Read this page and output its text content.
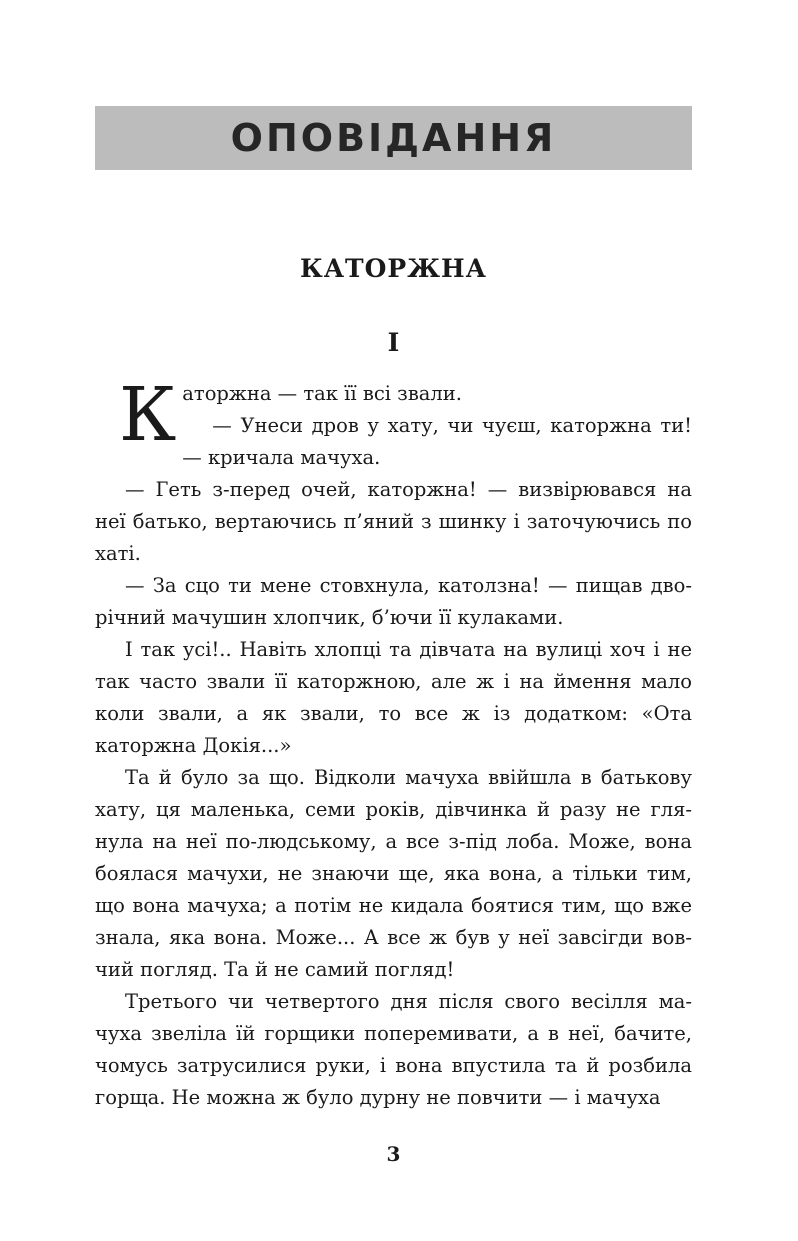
ОПОВІДАННЯ
КАТОРЖНА
І

Каторжна — так її всі звали.

— Унеси дров у хату, чи чуєш, каторжна ти! — кричала мачуха.

— Геть з-перед очей, каторжна! — визвірювався на неї батько, вертаючись п’яний з шинку і заточуючись по хаті.

— За сцо ти мене стовхнула, католзна! — пищав дворічний мачушин хлопчик, б’ючи її кулаками.

І так усі!.. Навіть хлопці та дівчата на вулиці хоч і не так часто звали її каторжною, але ж і на ймення мало коли звали, а як звали, то все ж із додатком: «Ота каторжна Докія...»

Та й було за що. Відколи мачуха ввійшла в батькову хату, ця маленька, семи років, дівчинка й разу не глянула на неї по-людському, а все з-під лоба. Може, вона боялася мачухи, не знаючи ще, яка вона, а тільки тим, що вона мачуха; а потім не кидала боятися тим, що вже знала, яка вона. Може... А все ж був у неї завсігди вовчий погляд. Та й не самий погляд!

Третього чи четвертого дня після свого весілля мачуха звеліла їй горщики поперемивати, а в неї, бачите, чомусь затрусилися руки, і вона впустила та й розбила горща. Не можна ж було дурну не повчити — і мачуха

3
